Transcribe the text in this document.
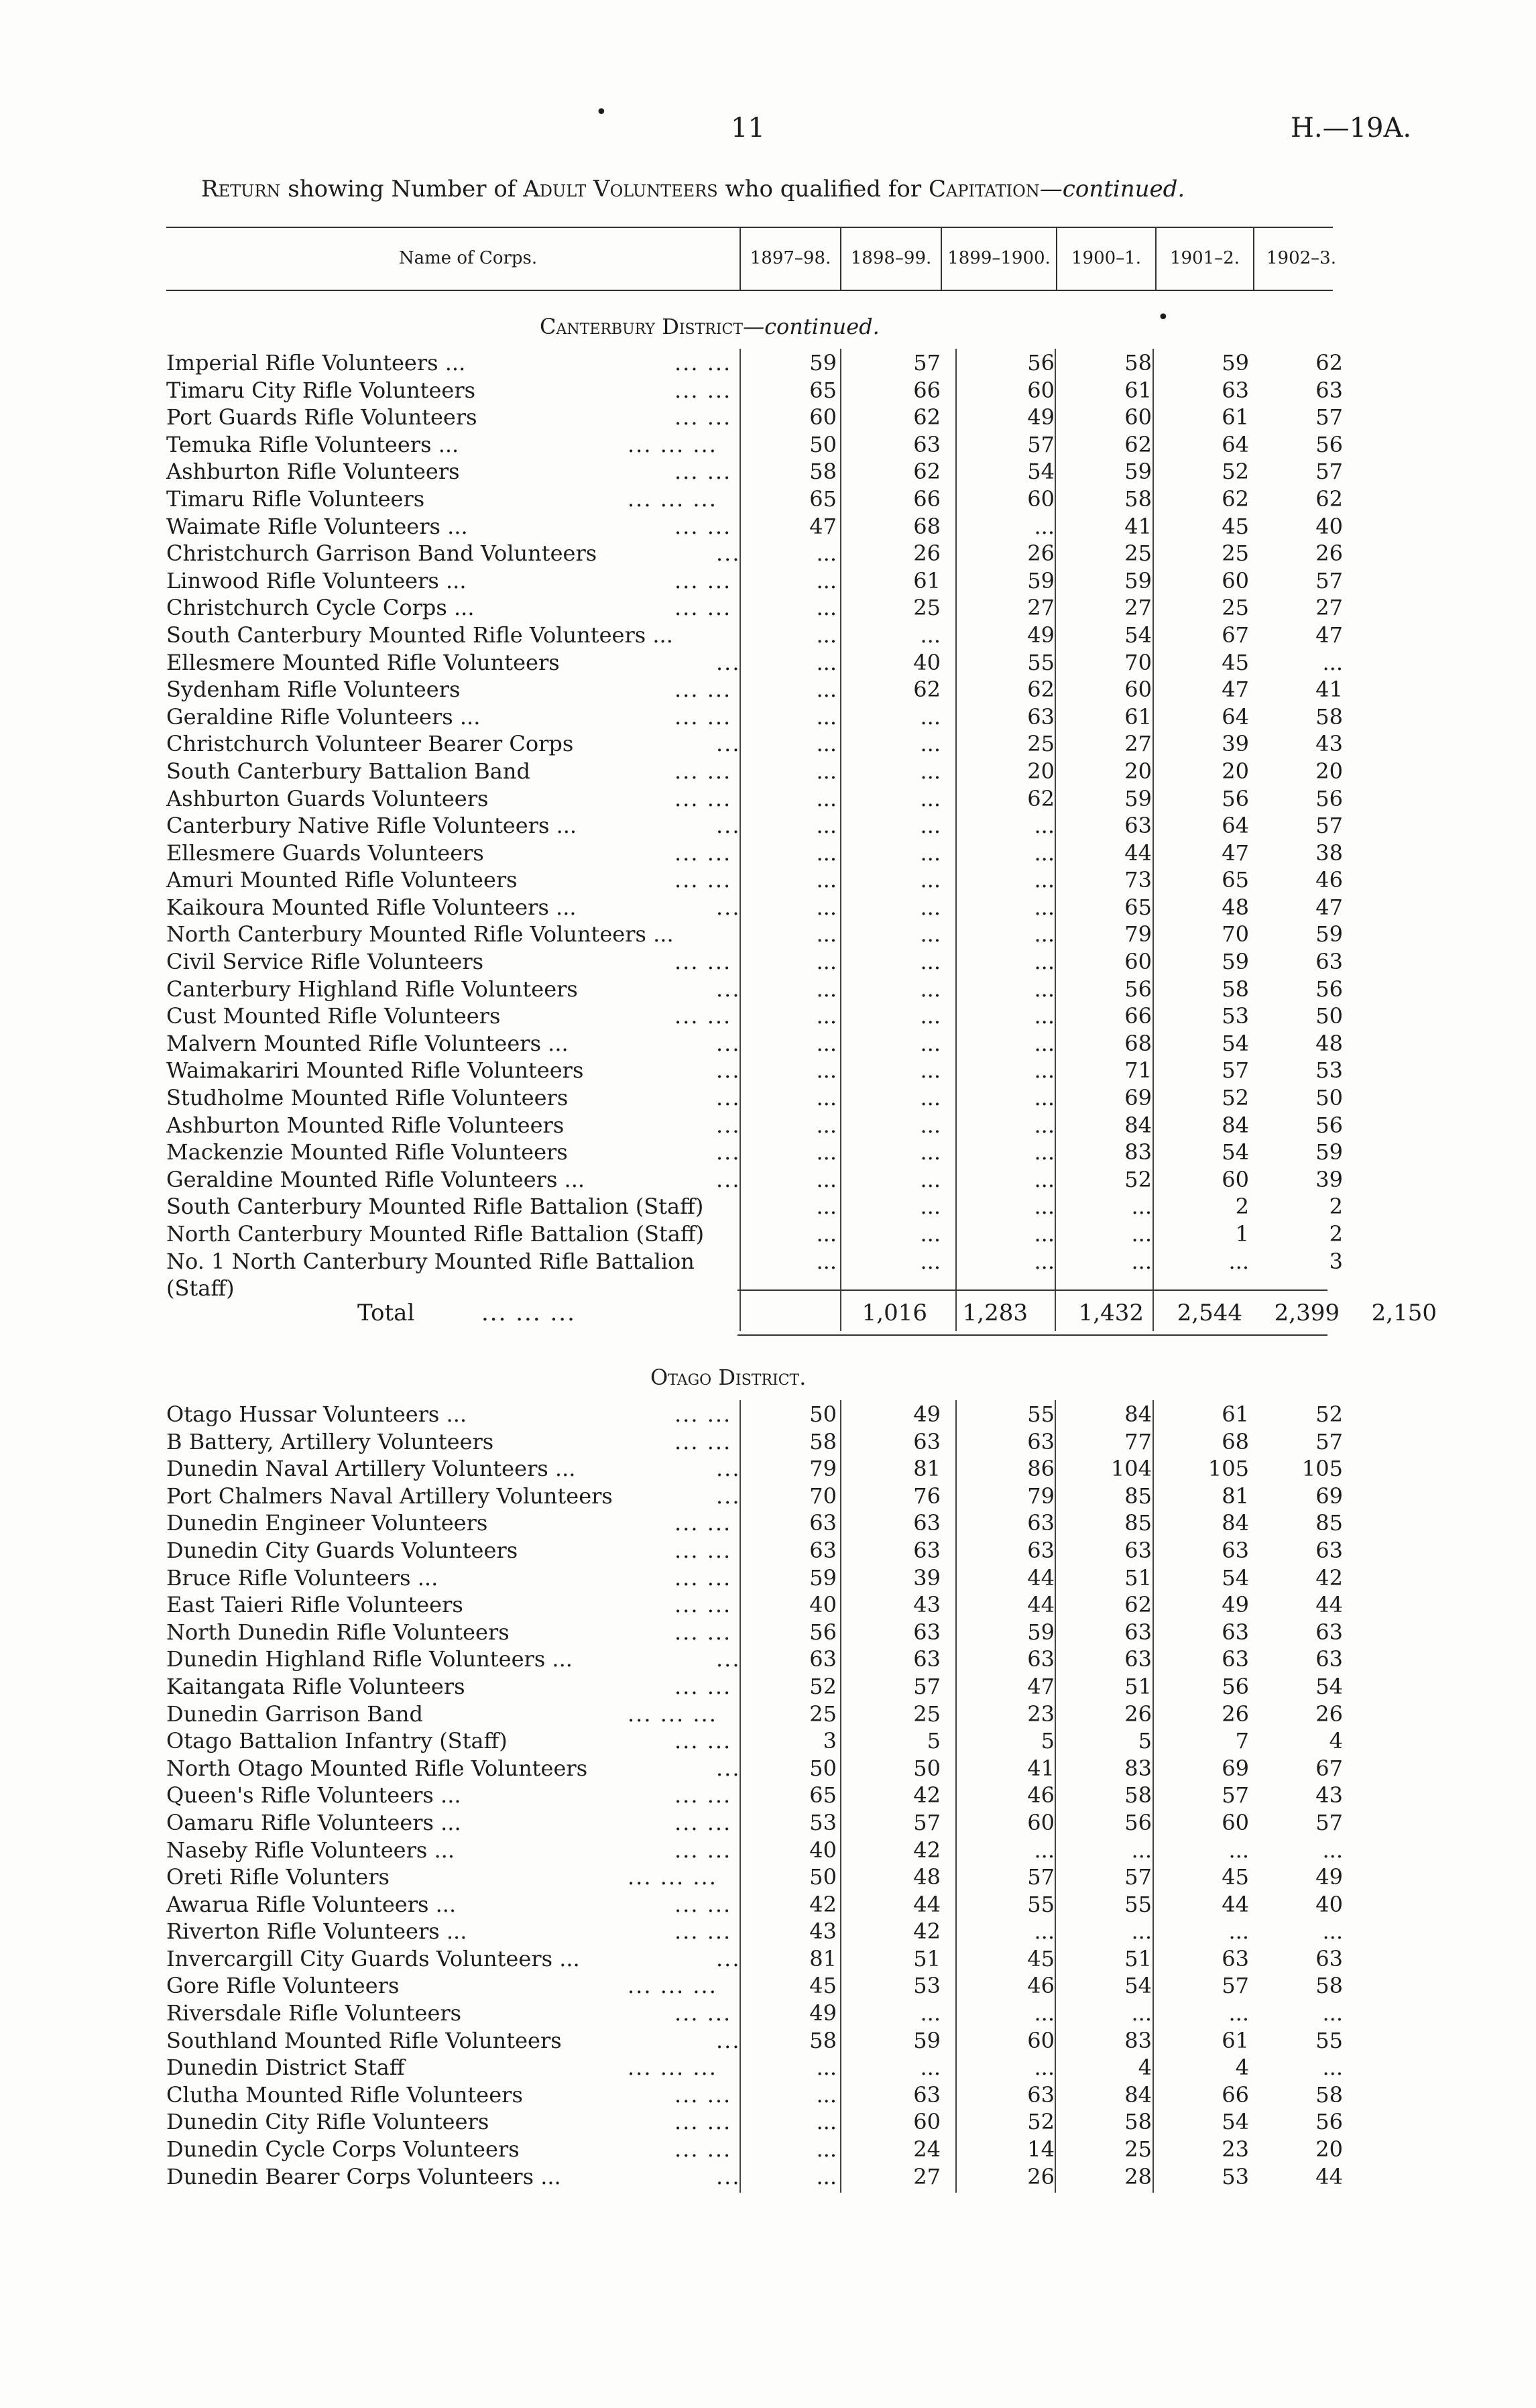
11	H.—19A.
Return showing Number of Adult Volunteers who qualified for Capitation—continued.
Name of Corps.	1897–98.	1898–99. 1899–1900.	1900–1.	1901–2.	1902–3.
Canterbury District—continued.
Imperial Rifle Volunteers ...	... ...	59	57	56	58	59	62
Timaru City Rifle Volunteers	... ...	65	66	60	61	63	63
Port Guards Rifle Volunteers	... ...	60	62	49	60	61	57
Temuka Rifle Volunteers ...	... ... ...	50	63	57	62	64	56
Ashburton Rifle Volunteers	... ...	58	62	54	59	52	57
Timaru Rifle Volunteers	... ... ...	65	66	60	58	62	62
Waimate Rifle Volunteers ...	... ...	47	68	...	41	45	40
Christchurch Garrison Band Volunteers	...	...	26	26	25	25	26
Linwood Rifle Volunteers ...	... ...	...	61	59	59	60	57
Christchurch Cycle Corps ...	... ...	...	25	27	27	25	27
South Canterbury Mounted Rifle Volunteers ...	...	...	49	54	67	47
Ellesmere Mounted Rifle Volunteers	...	...	40	55	70	45	...
Sydenham Rifle Volunteers	... ...	...	62	62	60	47	41
Geraldine Rifle Volunteers ...	... ...	...	...	63	61	64	58
Christchurch Volunteer Bearer Corps	...	...	...	25	27	39	43
South Canterbury Battalion Band	... ...	...	...	20	20	20	20
Ashburton Guards Volunteers	... ...	...	...	62	59	56	56
Canterbury Native Rifle Volunteers ...	...	...	...	...	63	64	57
Ellesmere Guards Volunteers	... ...	...	...	...	44	47	38
Amuri Mounted Rifle Volunteers	... ...	...	...	...	73	65	46
Kaikoura Mounted Rifle Volunteers ...	...	...	...	...	65	48	47
North Canterbury Mounted Rifle Volunteers ...	...	...	...	79	70	59
Civil Service Rifle Volunteers	... ...	...	...	...	60	59	63
Canterbury Highland Rifle Volunteers	...	...	...	...	56	58	56
Cust Mounted Rifle Volunteers	... ...	...	...	...	66	53	50
Malvern Mounted Rifle Volunteers ...	...	...	...	...	68	54	48
Waimakariri Mounted Rifle Volunteers	...	...	...	...	71	57	53
Studholme Mounted Rifle Volunteers	...	...	...	...	69	52	50
Ashburton Mounted Rifle Volunteers	...	...	...	...	84	84	56
Mackenzie Mounted Rifle Volunteers	...	...	...	...	83	54	59
Geraldine Mounted Rifle Volunteers ...	...	...	...	...	52	60	39
South Canterbury Mounted Rifle Battalion (Staff)	...	...	...	...	2	2
North Canterbury Mounted Rifle Battalion (Staff)	...	...	...	...	1	2
No. 1 North Canterbury Mounted Rifle Battalion	...	...	...	...	...	3
(Staff)
Total	... ... ...	1,016	1,283	1,432	2,544	2,399	2,150
Otago District.
Otago Hussar Volunteers ...	... ...	50	49	55	84	61	52
B Battery, Artillery Volunteers	... ...	58	63	63	77	68	57
Dunedin Naval Artillery Volunteers ...	...	79	81	86	104	105	105
Port Chalmers Naval Artillery Volunteers	...	70	76	79	85	81	69
Dunedin Engineer Volunteers	... ...	63	63	63	85	84	85
Dunedin City Guards Volunteers	... ...	63	63	63	63	63	63
Bruce Rifle Volunteers ...	... ...	59	39	44	51	54	42
East Taieri Rifle Volunteers	... ...	40	43	44	62	49	44
North Dunedin Rifle Volunteers	... ...	56	63	59	63	63	63
Dunedin Highland Rifle Volunteers ...	...	63	63	63	63	63	63
Kaitangata Rifle Volunteers	... ...	52	57	47	51	56	54
Dunedin Garrison Band	... ... ...	25	25	23	26	26	26
Otago Battalion Infantry (Staff)	... ...	3	5	5	5	7	4
North Otago Mounted Rifle Volunteers	...	50	50	41	83	69	67
Queen's Rifle Volunteers ...	... ...	65	42	46	58	57	43
Oamaru Rifle Volunteers ...	... ...	53	57	60	56	60	57
Naseby Rifle Volunteers ...	... ...	40	42	...	...	...	...
Oreti Rifle Volunters	... ... ...	50	48	57	57	45	49
Awarua Rifle Volunteers ...	... ...	42	44	55	55	44	40
Riverton Rifle Volunteers ...	... ...	43	42	...	...	...	...
Invercargill City Guards Volunteers ...	...	81	51	45	51	63	63
Gore Rifle Volunteers	... ... ...	45	53	46	54	57	58
Riversdale Rifle Volunteers	... ...	49	...	...	...	...	...
Southland Mounted Rifle Volunteers	...	58	59	60	83	61	55
Dunedin District Staff	... ... ...	...	...	...	4	4	...
Clutha Mounted Rifle Volunteers	... ...	...	63	63	84	66	58
Dunedin City Rifle Volunteers	... ...	...	60	52	58	54	56
Dunedin Cycle Corps Volunteers	... ...	...	24	14	25	23	20
Dunedin Bearer Corps Volunteers ...	...	...	27	26	28	53	44
•
•
